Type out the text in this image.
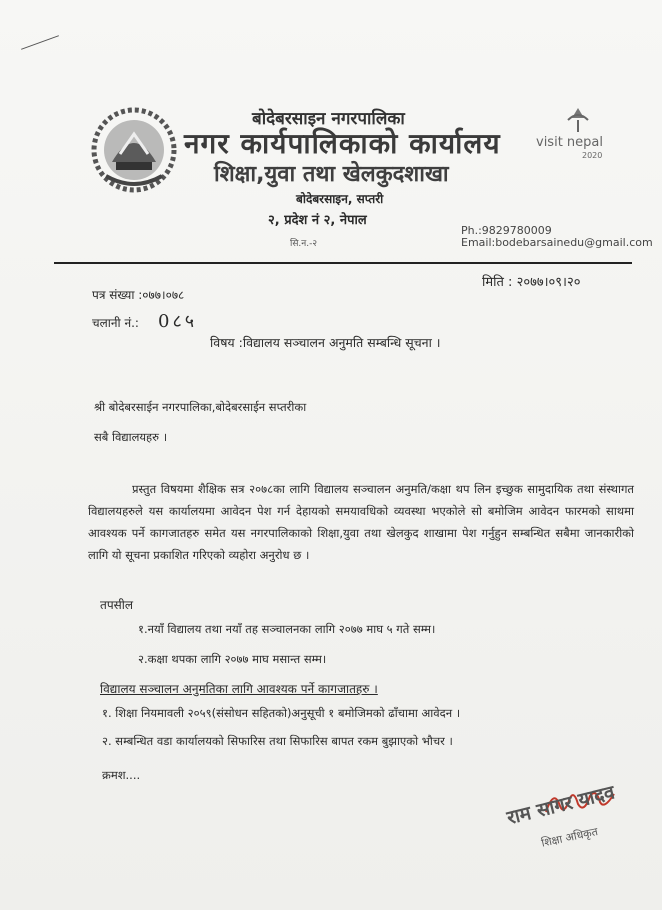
बोदेबरसाइन नगरपालिका
नगर कार्यपालिकाको कार्यालय
शिक्षा,युवा तथा खेलकुदशाखा
बोदेबरसाइन, सप्तरी
२, प्रदेश नं २, नेपाल
सि.न.-२
visit nepal
2020
Ph.:9829780009
Email:bodebarsainedu@gmail.com
मिति : २०७७।०९।२०
पत्र संख्या :०७७।०७८
चलानी नं.: 0८५
विषय :विद्यालय सञ्चालन अनुमति सम्बन्धि सूचना ।
श्री बोदेबरसाईन नगरपालिका,बोदेबरसाईन सप्तरीका
सबै विद्यालयहरु ।
प्रस्तुत विषयमा शैक्षिक सत्र २०७८का लागि विद्यालय सञ्चालन अनुमति/कक्षा थप लिन इच्छुक सामुदायिक तथा संस्थागत विद्यालयहरुले यस कार्यालयमा आवेदन पेश गर्न देहायको समयावधिको व्यवस्था भएकोले सो बमोजिम आवेदन फारमको साथमा आवश्यक पर्ने कागजातहरु समेत यस नगरपालिकाको शिक्षा,युवा तथा खेलकुद शाखामा पेश गर्नुहुन सम्बन्धित सबैमा जानकारीको लागि यो सूचना प्रकाशित गरिएको व्यहोरा अनुरोध छ ।
तपसील
१.नयाँ विद्यालय तथा नयाँ तह सञ्चालनका लागि २०७७ माघ ५ गते सम्म।
२.कक्षा थपका लागि २०७७ माघ मसान्त सम्म।
विद्यालय सञ्चालन अनुमतिका लागि आवश्यक पर्ने कागजातहरु ।
१. शिक्षा नियमावली २०५९(संसोधन सहितको)अनुसूची १ बमोजिमको ढाँचामा आवेदन ।
२. सम्बन्धित वडा कार्यालयको सिफारिस तथा सिफारिस बापत रकम बुझाएको भौचर ।
क्रमश....
राम सागर यादव
शिक्षा अधिकृत
